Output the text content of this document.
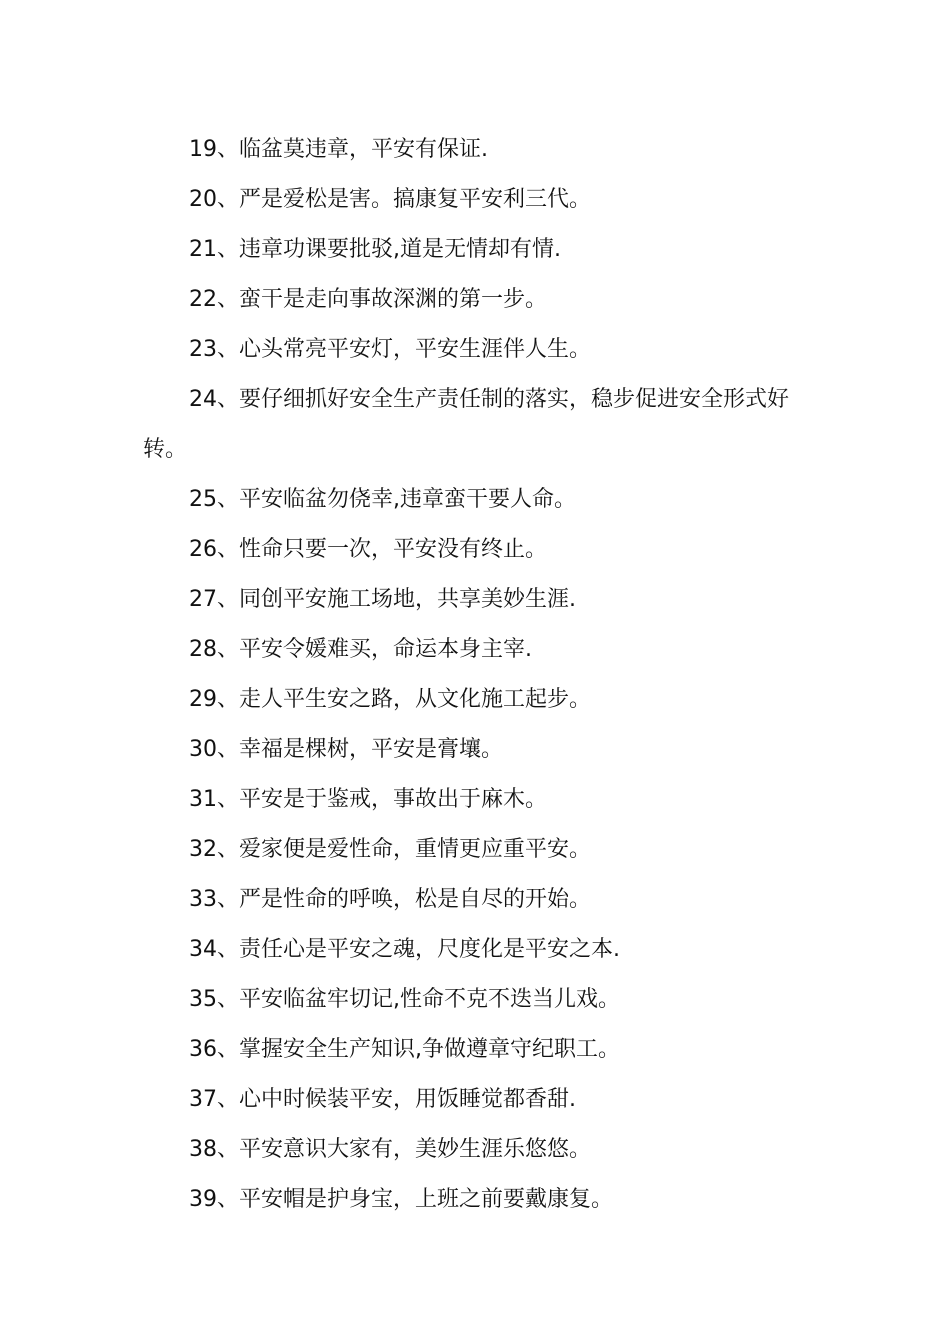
19、临盆莫违章，平安有保证.
20、严是爱松是害。搞康复平安利三代。
21、违章功课要批驳,道是无情却有情.
22、蛮干是走向事故深渊的第一步。
23、心头常亮平安灯，平安生涯伴人生。
24、要仔细抓好安全生产责任制的落实，稳步促进安全形式好转。
25、平安临盆勿侥幸,违章蛮干要人命。
26、性命只要一次，平安没有终止。
27、同创平安施工场地，共享美妙生涯.
28、平安令媛难买，命运本身主宰.
29、走人平生安之路，从文化施工起步。
30、幸福是棵树，平安是膏壤。
31、平安是于鉴戒，事故出于麻木。
32、爱家便是爱性命，重情更应重平安。
33、严是性命的呼唤，松是自尽的开始。
34、责任心是平安之魂，尺度化是平安之本.
35、平安临盆牢切记,性命不克不迭当儿戏。
36、掌握安全生产知识,争做遵章守纪职工。
37、心中时候装平安，用饭睡觉都香甜.
38、平安意识大家有，美妙生涯乐悠悠。
39、平安帽是护身宝，上班之前要戴康复。
